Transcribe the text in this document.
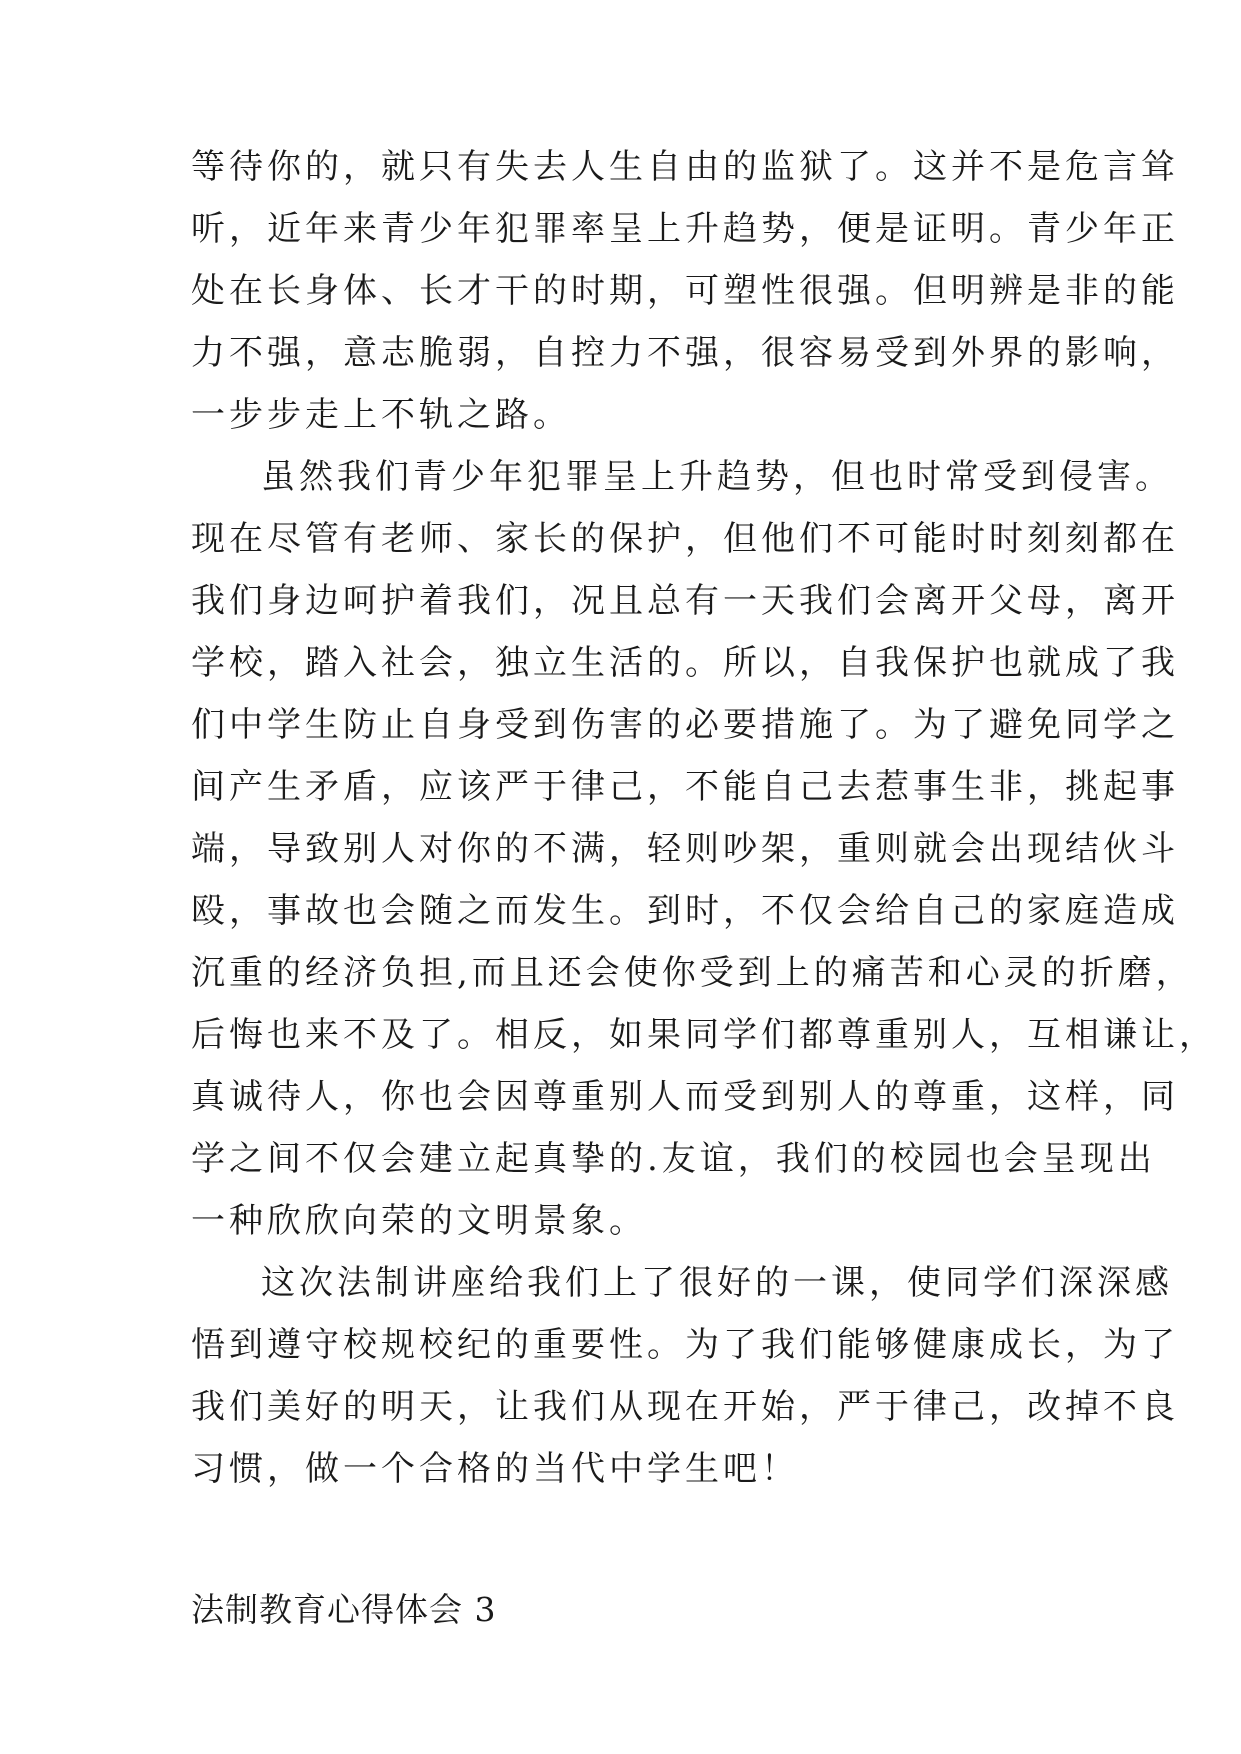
等待你的，就只有失去人生自由的监狱了。这并不是危言耸

听，近年来青少年犯罪率呈上升趋势，便是证明。青少年正

处在长身体、长才干的时期，可塑性很强。但明辨是非的能

力不强，意志脆弱，自控力不强，很容易受到外界的影响，

一步步走上不轨之路。

虽然我们青少年犯罪呈上升趋势，但也时常受到侵害。

现在尽管有老师、家长的保护，但他们不可能时时刻刻都在

我们身边呵护着我们，况且总有一天我们会离开父母，离开

学校，踏入社会，独立生活的。所以，自我保护也就成了我

们中学生防止自身受到伤害的必要措施了。为了避免同学之

间产生矛盾，应该严于律己，不能自己去惹事生非，挑起事

端，导致别人对你的不满，轻则吵架，重则就会出现结伙斗

殴，事故也会随之而发生。到时，不仅会给自己的家庭造成

沉重的经济负担,而且还会使你受到上的痛苦和心灵的折磨，

后悔也来不及了。相反，如果同学们都尊重别人，互相谦让，

真诚待人，你也会因尊重别人而受到别人的尊重，这样，同

学之间不仅会建立起真挚的.友谊，我们的校园也会呈现出

一种欣欣向荣的文明景象。

这次法制讲座给我们上了很好的一课，使同学们深深感

悟到遵守校规校纪的重要性。为了我们能够健康成长，为了

我们美好的明天，让我们从现在开始，严于律己，改掉不良

习惯，做一个合格的当代中学生吧！

法制教育心得体会 3
